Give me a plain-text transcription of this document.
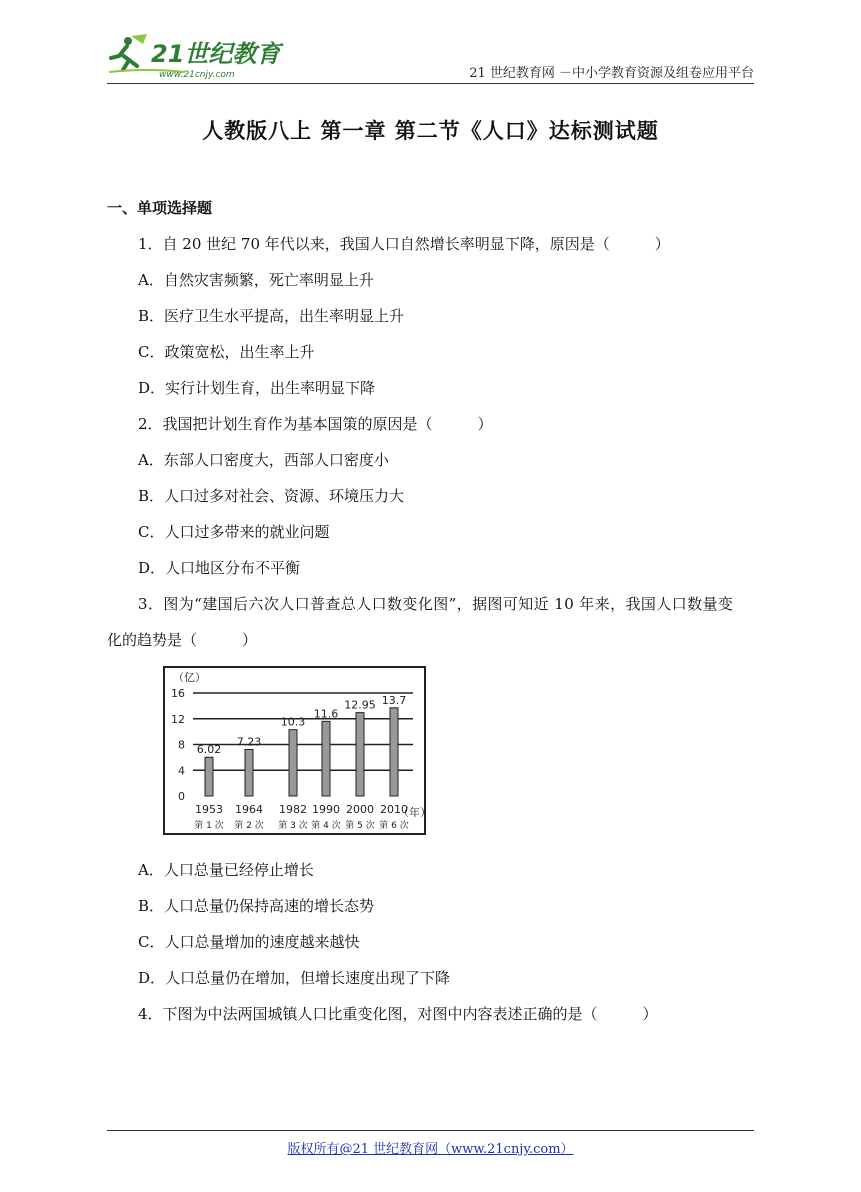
21世纪教育
www.21cnjy.com	21 世纪教育网 －中小学教育资源及组卷应用平台
人教版八上 第一章 第二节《人口》达标测试题
一、单项选择题
1．自 20 世纪 70 年代以来，我国人口自然增长率明显下降，原因是（　　　）
A．自然灾害频繁，死亡率明显上升
B．医疗卫生水平提高，出生率明显上升
C．政策宽松，出生率上升
D．实行计划生育，出生率明显下降
2．我国把计划生育作为基本国策的原因是（　　　）
A．东部人口密度大，西部人口密度小
B．人口过多对社会、资源、环境压力大
C．人口过多带来的就业问题
D．人口地区分布不平衡
3．图为“建国后六次人口普查总人口数变化图”，据图可知近 10 年来，我国人口数量变
化的趋势是（　　　）
（亿）
（年）
0
4
8
12
16
6.02
1953
第 1 次
7.23
1964
第 2 次
10.3
1982
第 3 次
11.6
1990
第 4 次
12.95
2000
第 5 次
13.7
2010
第 6 次
A．人口总量已经停止增长
B．人口总量仍保持高速的增长态势
C．人口总量增加的速度越来越快
D．人口总量仍在增加，但增长速度出现了下降
4．下图为中法两国城镇人口比重变化图，对图中内容表述正确的是（　　　）
版权所有@21 世纪教育网（www.21cnjy.com）
